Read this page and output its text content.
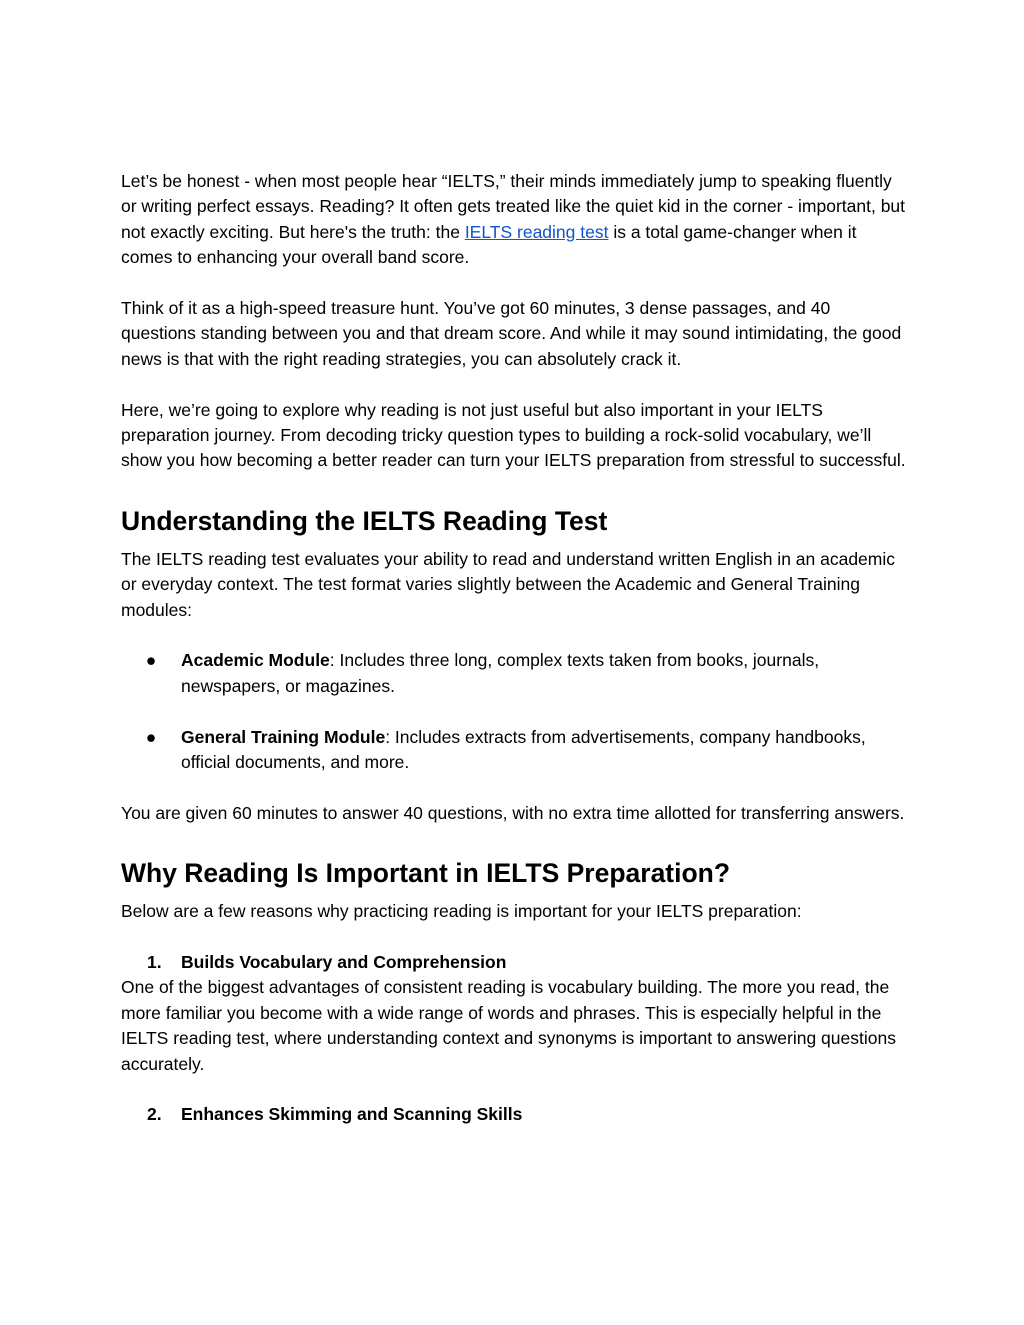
Let’s be honest - when most people hear “IELTS,” their minds immediately jump to speaking fluently or writing perfect essays. Reading? It often gets treated like the quiet kid in the corner - important, but not exactly exciting. But here's the truth: the IELTS reading test is a total game-changer when it comes to enhancing your overall band score.

Think of it as a high-speed treasure hunt. You’ve got 60 minutes, 3 dense passages, and 40 questions standing between you and that dream score. And while it may sound intimidating, the good news is that with the right reading strategies, you can absolutely crack it.

Here, we’re going to explore why reading is not just useful but also important in your IELTS preparation journey. From decoding tricky question types to building a rock-solid vocabulary, we’ll show you how becoming a better reader can turn your IELTS preparation from stressful to successful.

Understanding the IELTS Reading Test

The IELTS reading test evaluates your ability to read and understand written English in an academic or everyday context. The test format varies slightly between the Academic and General Training modules:

● Academic Module: Includes three long, complex texts taken from books, journals, newspapers, or magazines.
● General Training Module: Includes extracts from advertisements, company handbooks, official documents, and more.

You are given 60 minutes to answer 40 questions, with no extra time allotted for transferring answers.

Why Reading Is Important in IELTS Preparation?

Below are a few reasons why practicing reading is important for your IELTS preparation:

1. Builds Vocabulary and Comprehension

One of the biggest advantages of consistent reading is vocabulary building. The more you read, the more familiar you become with a wide range of words and phrases. This is especially helpful in the IELTS reading test, where understanding context and synonyms is important to answering questions accurately.

2. Enhances Skimming and Scanning Skills
